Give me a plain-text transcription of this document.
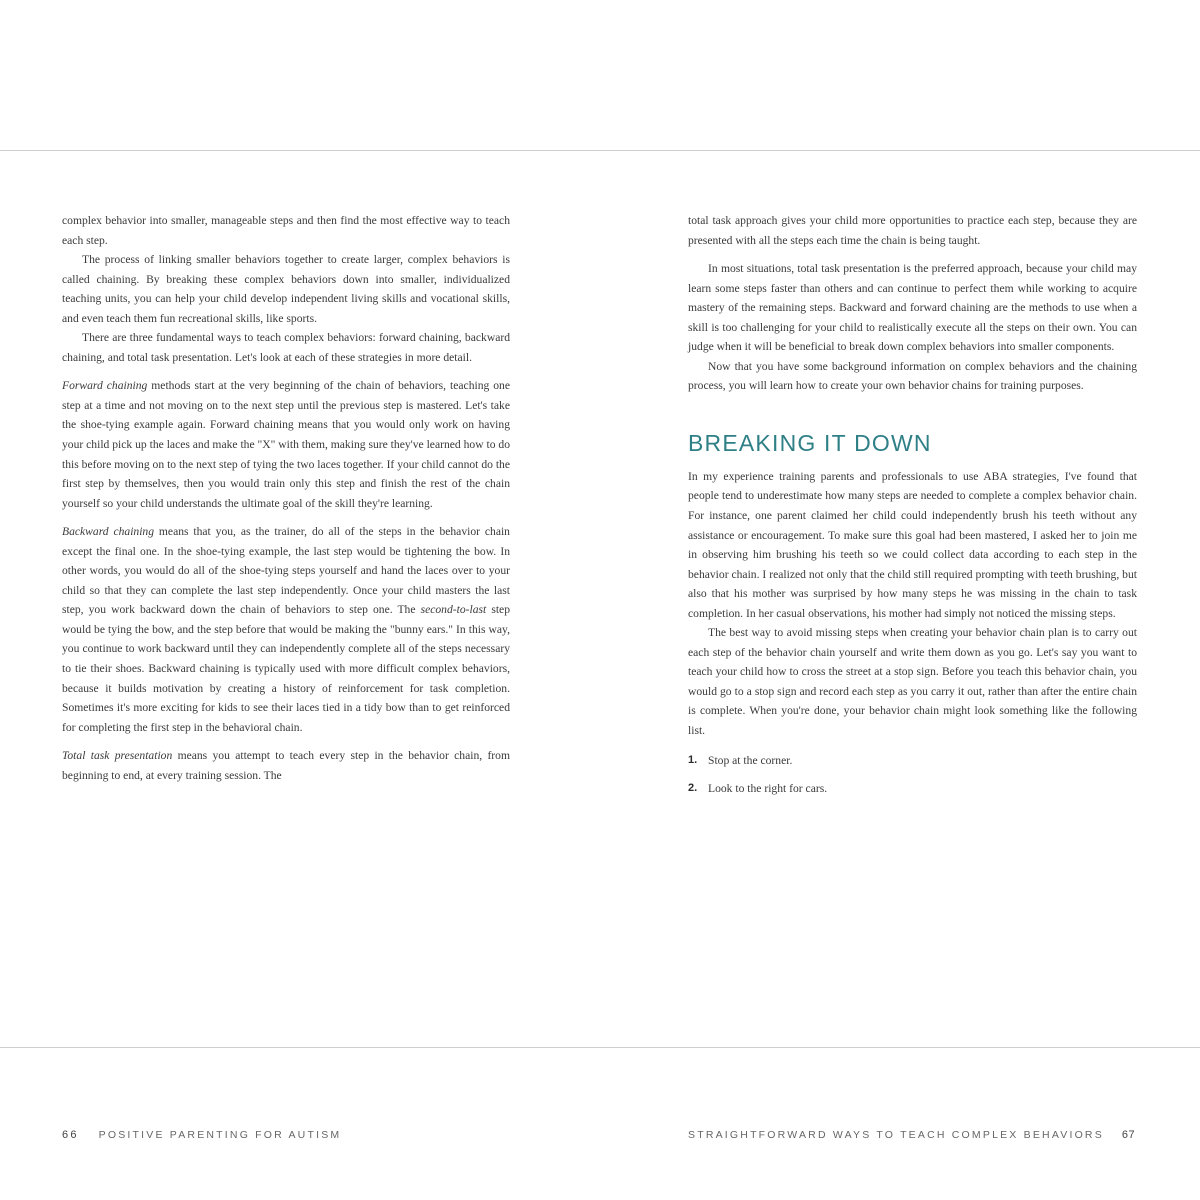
complex behavior into smaller, manageable steps and then find the most effective way to teach each step.

The process of linking smaller behaviors together to create larger, complex behaviors is called chaining. By breaking these complex behaviors down into smaller, individualized teaching units, you can help your child develop independent living skills and vocational skills, and even teach them fun recreational skills, like sports.

There are three fundamental ways to teach complex behaviors: forward chaining, backward chaining, and total task presentation. Let's look at each of these strategies in more detail.

Forward chaining methods start at the very beginning of the chain of behaviors, teaching one step at a time and not moving on to the next step until the previous step is mastered. Let's take the shoe-tying example again. Forward chaining means that you would only work on having your child pick up the laces and make the "X" with them, making sure they've learned how to do this before moving on to the next step of tying the two laces together. If your child cannot do the first step by themselves, then you would train only this step and finish the rest of the chain yourself so your child understands the ultimate goal of the skill they're learning.

Backward chaining means that you, as the trainer, do all of the steps in the behavior chain except the final one. In the shoe-tying example, the last step would be tightening the bow. In other words, you would do all of the shoe-tying steps yourself and hand the laces over to your child so that they can complete the last step independently. Once your child masters the last step, you work backward down the chain of behaviors to step one. The second-to-last step would be tying the bow, and the step before that would be making the "bunny ears." In this way, you continue to work backward until they can independently complete all of the steps necessary to tie their shoes. Backward chaining is typically used with more difficult complex behaviors, because it builds motivation by creating a history of reinforcement for task completion. Sometimes it's more exciting for kids to see their laces tied in a tidy bow than to get reinforced for completing the first step in the behavioral chain.

Total task presentation means you attempt to teach every step in the behavior chain, from beginning to end, at every training session. The

total task approach gives your child more opportunities to practice each step, because they are presented with all the steps each time the chain is being taught.

In most situations, total task presentation is the preferred approach, because your child may learn some steps faster than others and can continue to perfect them while working to acquire mastery of the remaining steps. Backward and forward chaining are the methods to use when a skill is too challenging for your child to realistically execute all the steps on their own. You can judge when it will be beneficial to break down complex behaviors into smaller components.

Now that you have some background information on complex behaviors and the chaining process, you will learn how to create your own behavior chains for training purposes.

BREAKING IT DOWN

In my experience training parents and professionals to use ABA strategies, I've found that people tend to underestimate how many steps are needed to complete a complex behavior chain. For instance, one parent claimed her child could independently brush his teeth without any assistance or encouragement. To make sure this goal had been mastered, I asked her to join me in observing him brushing his teeth so we could collect data according to each step in the behavior chain. I realized not only that the child still required prompting with teeth brushing, but also that his mother was surprised by how many steps he was missing in the chain to task completion. In her casual observations, his mother had simply not noticed the missing steps.

The best way to avoid missing steps when creating your behavior chain plan is to carry out each step of the behavior chain yourself and write them down as you go. Let's say you want to teach your child how to cross the street at a stop sign. Before you teach this behavior chain, you would go to a stop sign and record each step as you carry it out, rather than after the entire chain is complete. When you're done, your behavior chain might look something like the following list.

1. Stop at the corner.
2. Look to the right for cars.
66 POSITIVE PARENTING FOR AUTISM	STRAIGHTFORWARD WAYS TO TEACH COMPLEX BEHAVIORS 67
